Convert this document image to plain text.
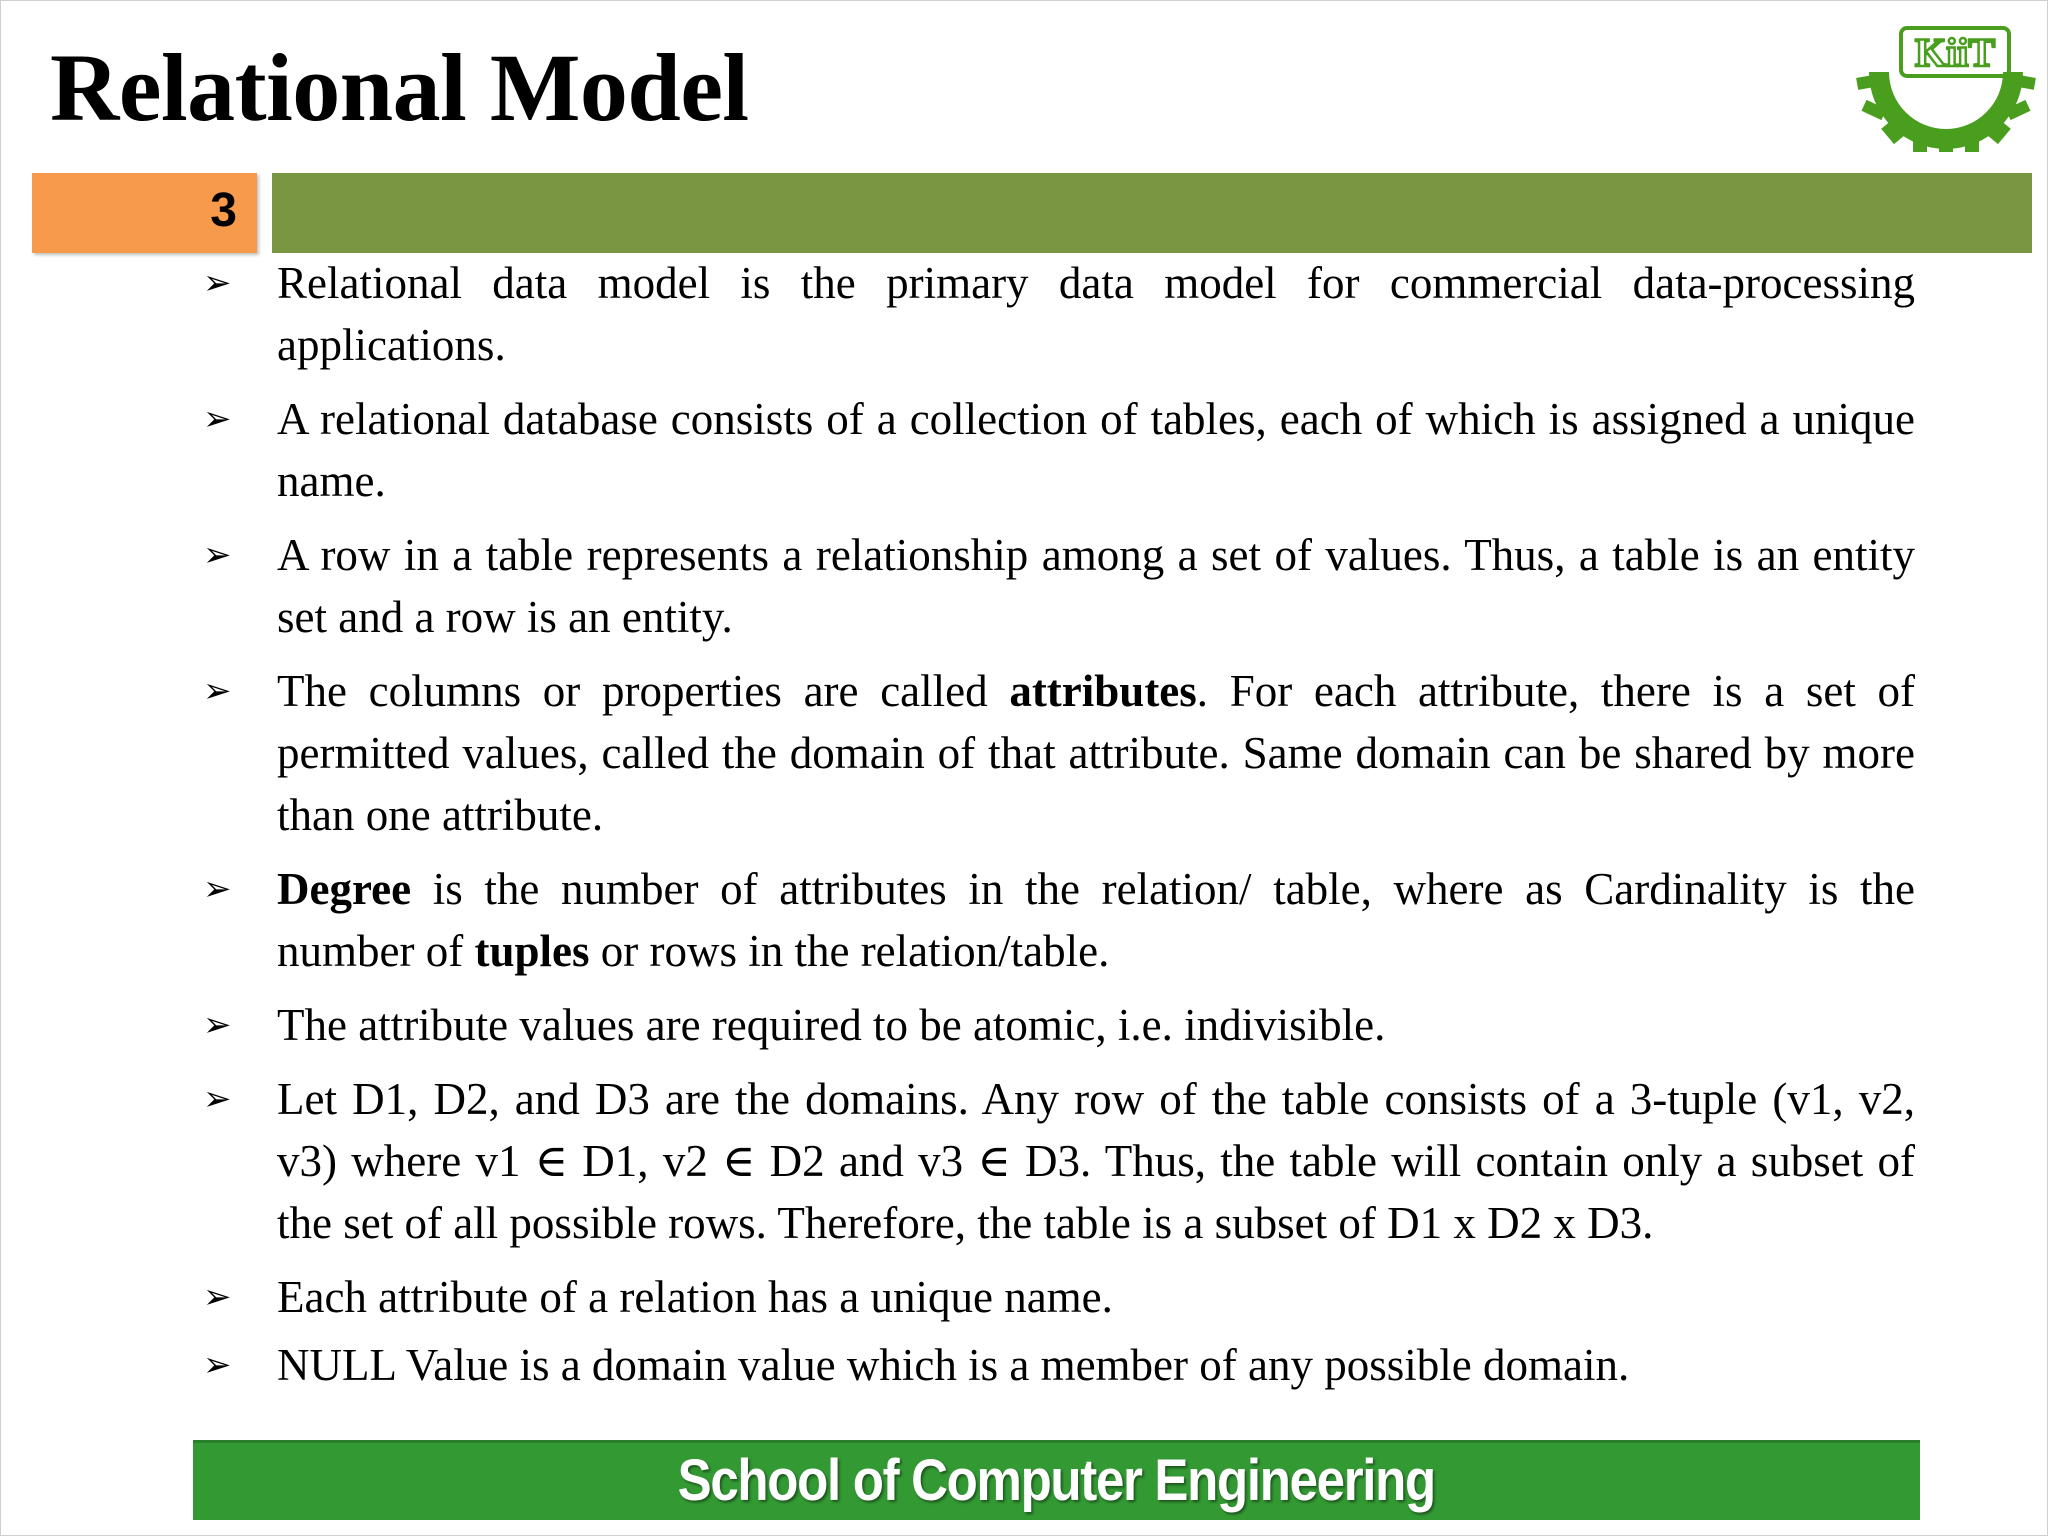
Relational Model	KiiT
3
➢ Relational data model is the primary data model for commercial data-processing applications.
➢ A relational database consists of a collection of tables, each of which is assigned a unique name.
➢ A row in a table represents a relationship among a set of values. Thus, a table is an entity set and a row is an entity.
➢ The columns or properties are called attributes. For each attribute, there is a set of permitted values, called the domain of that attribute. Same domain can be shared by more than one attribute.
➢ Degree is the number of attributes in the relation/ table, where as Cardinality is the number of tuples or rows in the relation/table.
➢ The attribute values are required to be atomic, i.e. indivisible.
➢ Let D1, D2, and D3 are the domains. Any row of the table consists of a 3-tuple (v1, v2, v3) where v1 ∈ D1, v2 ∈ D2 and v3 ∈ D3. Thus, the table will contain only a subset of the set of all possible rows. Therefore, the table is a subset of D1 x D2 x D3.
➢ Each attribute of a relation has a unique name.
➢ NULL Value is a domain value which is a member of any possible domain.
School of Computer Engineering
